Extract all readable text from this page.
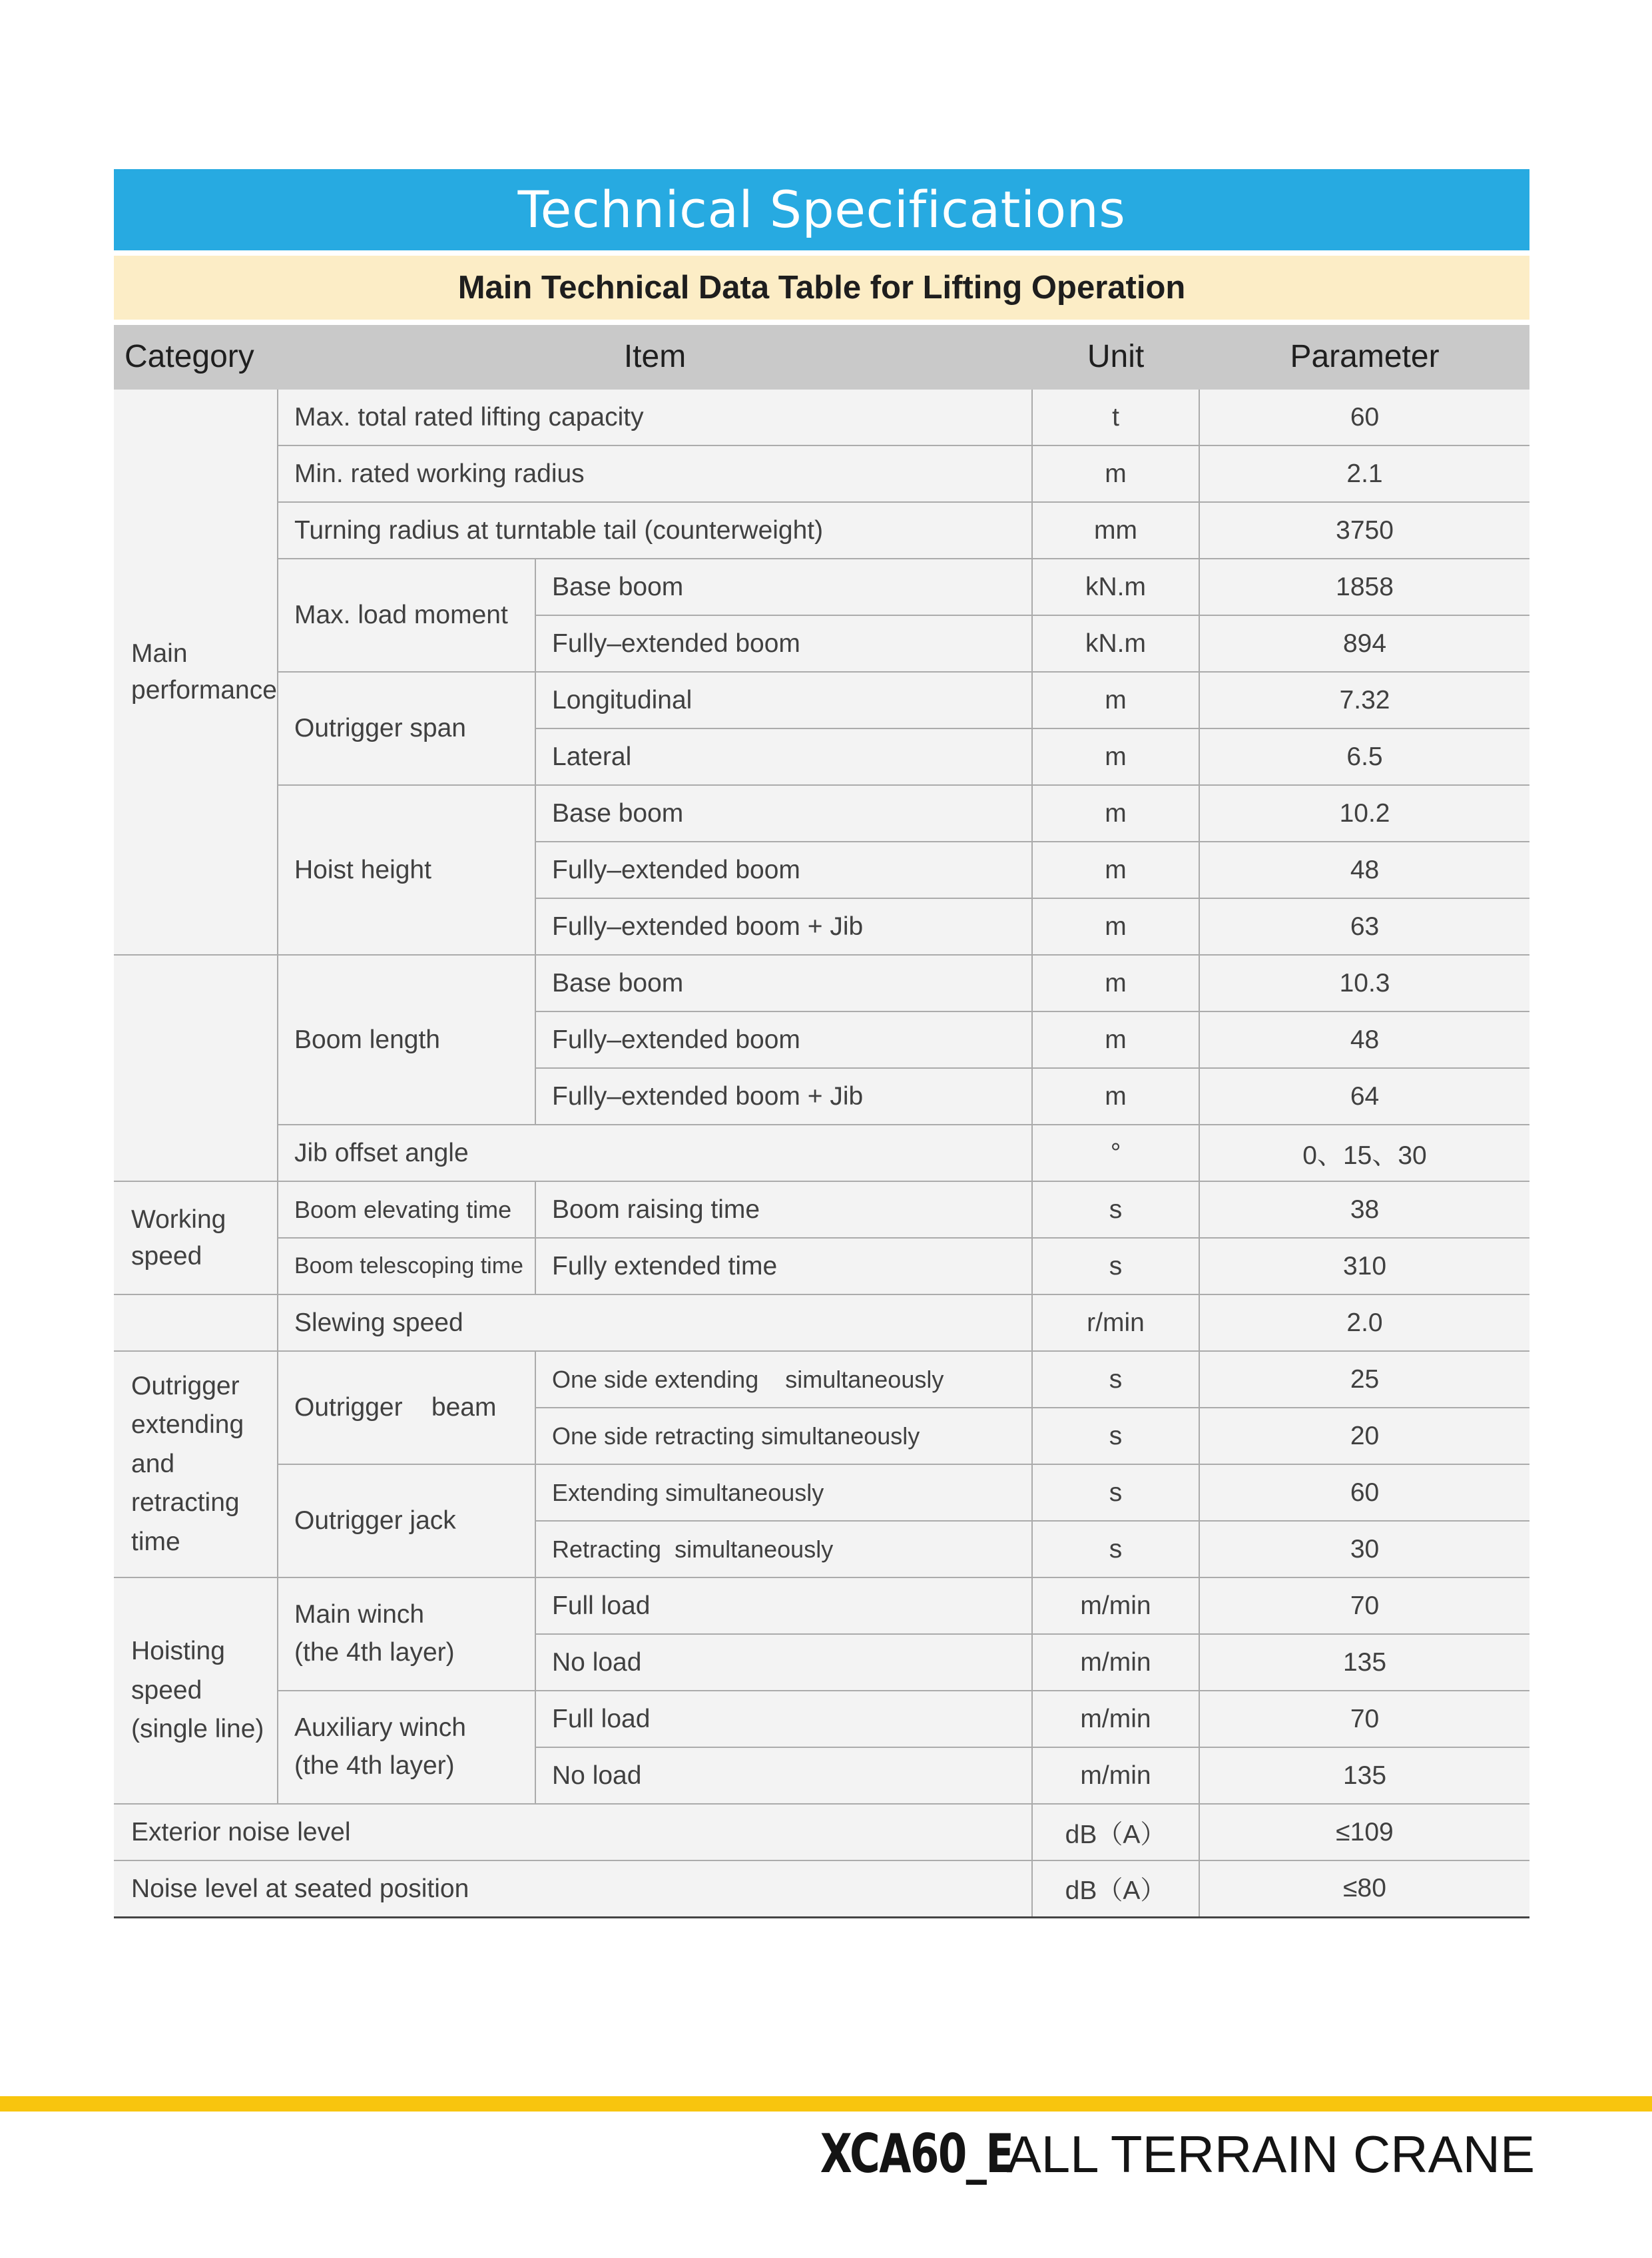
Technical Specifications
Main Technical Data Table for Lifting Operation
Category	Item		Unit	Parameter

Main
performance	Max. total rated lifting capacity		t	60
	Min. rated working radius		m	2.1
	Turning radius at turntable tail (counterweight)		mm	3750
	Max. load moment	Base boom	kN.m	1858
		Fully–extended boom	kN.m	894
	Outrigger span	Longitudinal	m	7.32
		Lateral	m	6.5
	Hoist height	Base boom	m	10.2
		Fully–extended boom	m	48
		Fully–extended boom + Jib	m	63
	Boom length	Base boom	m	10.3
		Fully–extended boom	m	48
		Fully–extended boom + Jib	m	64
	Jib offset angle		°	0、15、30

Working
speed	Boom elevating time	Boom raising time	s	38
	Boom telescoping time	Fully extended time	s	310
	Slewing speed		r/min	2.0

Outrigger
extending
and
retracting
time	Outrigger    beam	One side extending    simultaneously	s	25
		One side retracting simultaneously	s	20
	Outrigger jack	Extending simultaneously	s	60
		Retracting  simultaneously	s	30

Hoisting
speed
(single line)	Main winch
(the 4th layer)	Full load	m/min	70
		No load	m/min	135
	Auxiliary winch
(the 4th layer)	Full load	m/min	70
		No load	m/min	135
Exterior noise level			dB（A）	≤109
Noise level at seated position			dB（A）	≤80
XCA60_E ALL TERRAIN CRANE
